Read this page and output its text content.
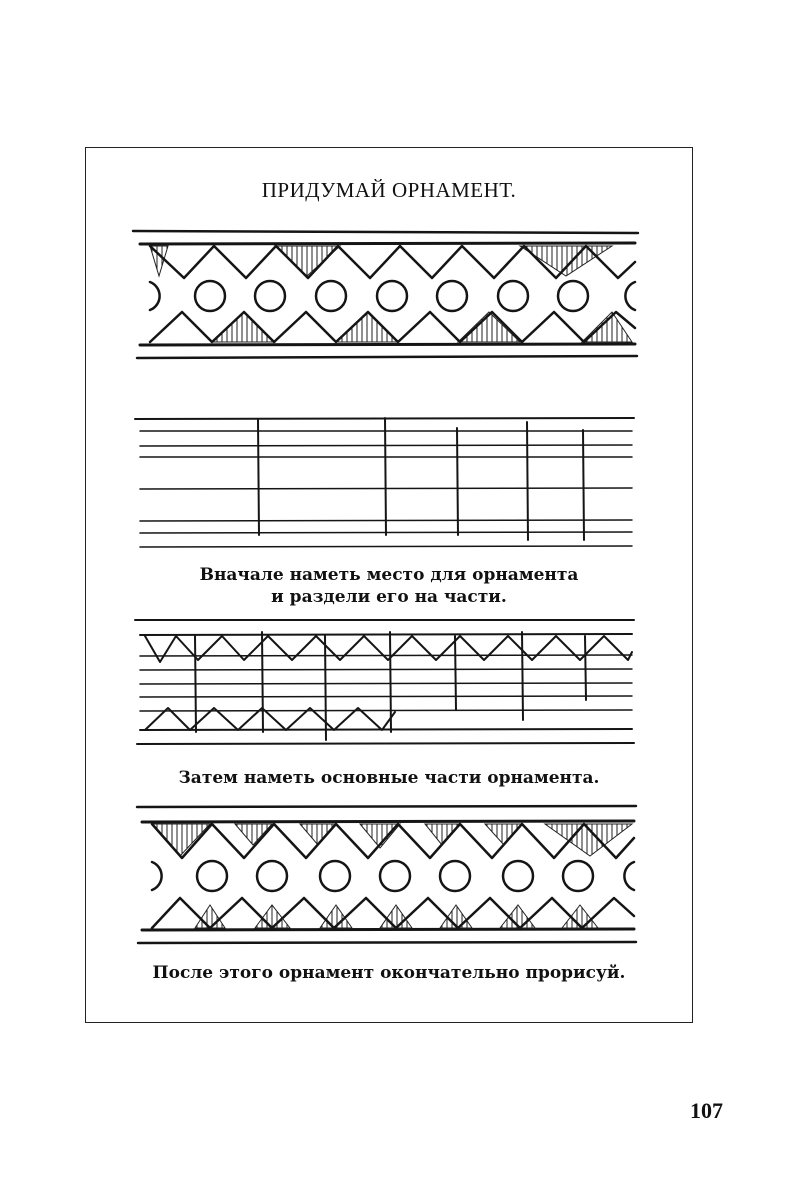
ПРИДУМАЙ ОРНАМЕНТ.
Вначале наметь место для орнамента
и раздели его на части.
Затем наметь основные части орнамента.
После этого орнамент окончательно прорисуй.
107
